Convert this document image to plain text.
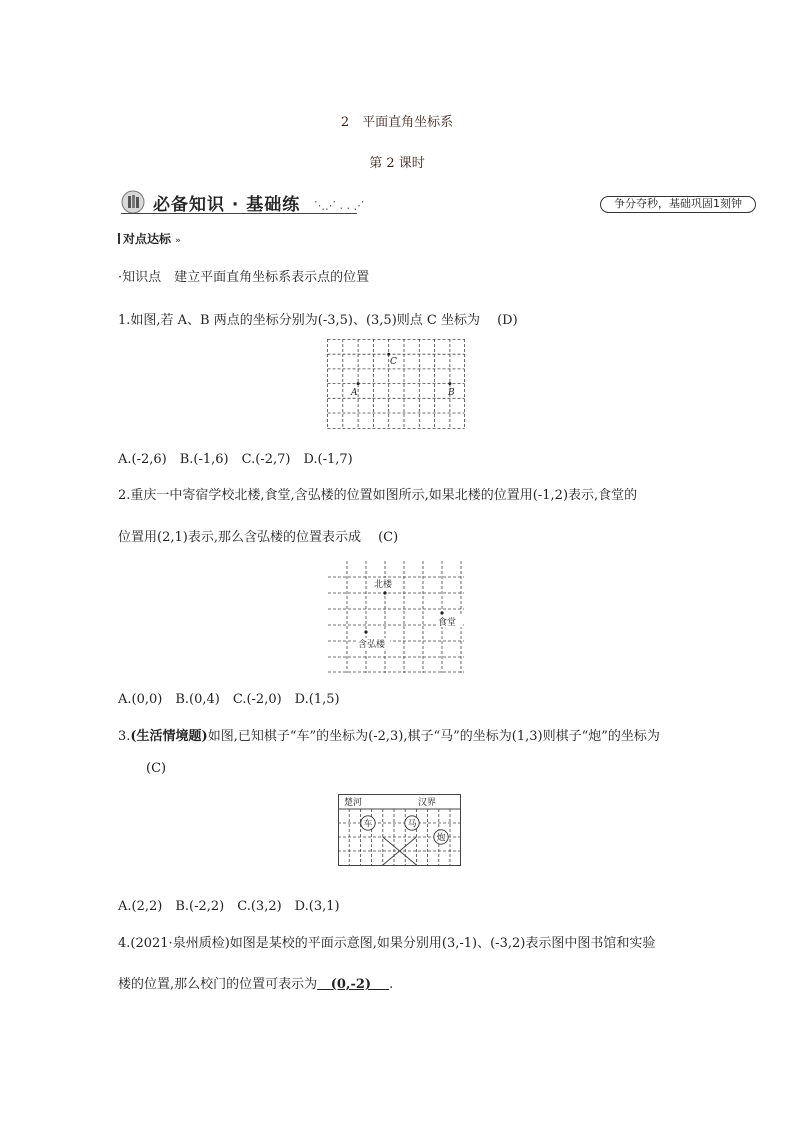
2　平面直角坐标系
第 2 课时
必备知识 · 基础练 ⋱⋰ . . ⋰	争分夺秒，基础巩固1刻钟
对点达标 »
·知识点　建立平面直角坐标系表示点的位置
1.如图,若 A、B 两点的坐标分别为(-3,5)、(3,5)则点 C 坐标为　 (D)
A	B
C
A.(-2,6)　B.(-1,6)　C.(-2,7)　D.(-1,7)
2.重庆一中寄宿学校北楼,食堂,含弘楼的位置如图所示,如果北楼的位置用(-1,2)表示,食堂的
位置用(2,1)表示,那么含弘楼的位置表示成　 (C)
北楼
食堂
含弘楼
A.(0,0)　B.(0,4)　C.(-2,0)　D.(1,5)
3.(生活情境题)如图,已知棋子“车”的坐标为(-2,3),棋子“马”的坐标为(1,3)则棋子“炮”的坐标为
(C)
楚河	汉界
车	马
炮
A.(2,2)　B.(-2,2)　C.(3,2)　D.(3,1)
4.(2021·泉州质检)如图是某校的平面示意图,如果分别用(3,-1)、(-3,2)表示图中图书馆和实验
楼的位置,那么校门的位置可表示为 (0,-2) .
